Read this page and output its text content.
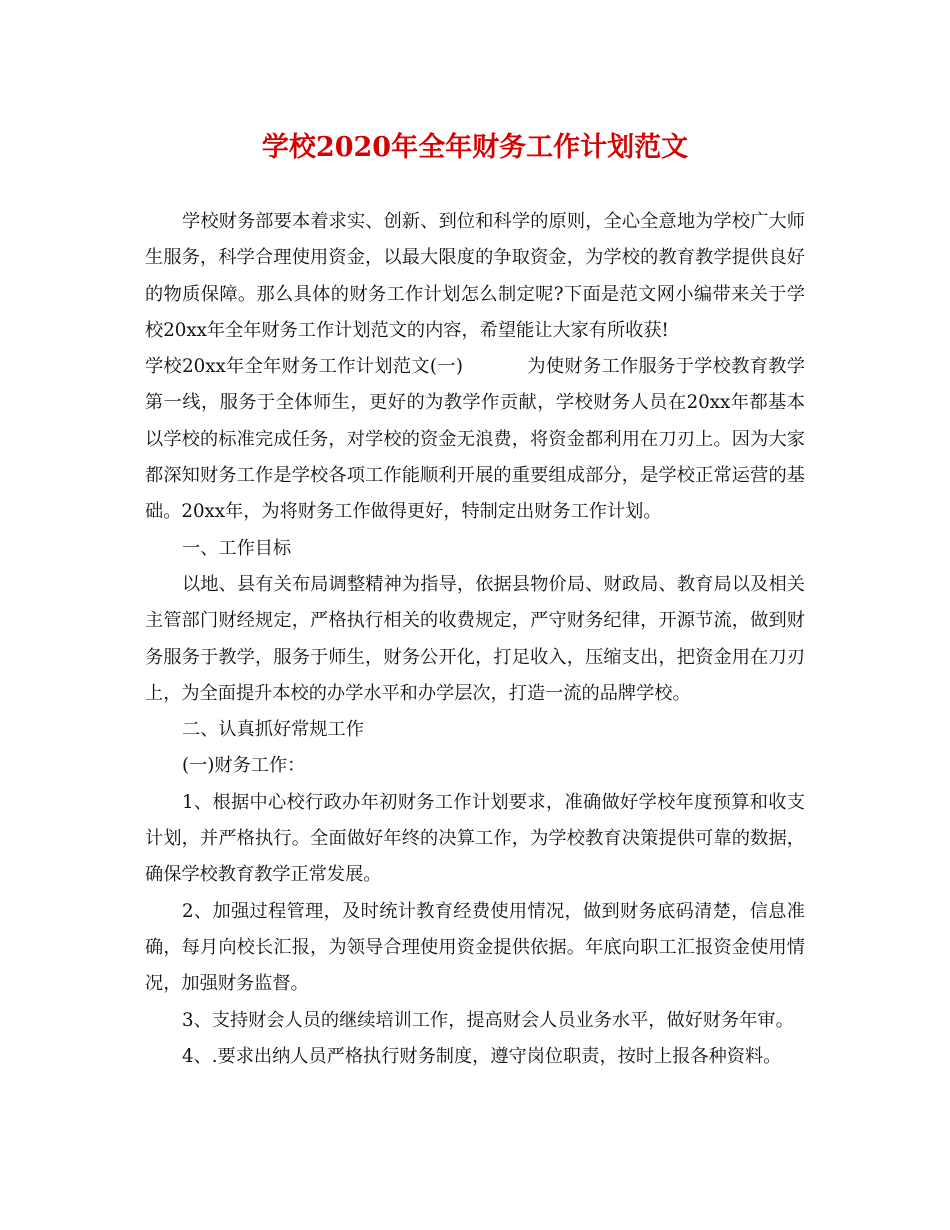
学校2020年全年财务工作计划范文

学校财务部要本着求实、创新、到位和科学的原则，全心全意地为学校广大师生服务，科学合理使用资金，以最大限度的争取资金，为学校的教育教学提供良好的物质保障。那么具体的财务工作计划怎么制定呢?下面是范文网小编带来关于学校20xx年全年财务工作计划范文的内容，希望能让大家有所收获!

学校20xx年全年财务工作计划范文(一)	为使财务工作服务于学校教育教学第一线，服务于全体师生，更好的为教学作贡献，学校财务人员在20xx年都基本以学校的标准完成任务，对学校的资金无浪费，将资金都利用在刀刃上。因为大家都深知财务工作是学校各项工作能顺利开展的重要组成部分，是学校正常运营的基础。20xx年，为将财务工作做得更好，特制定出财务工作计划。

一、工作目标

以地、县有关布局调整精神为指导，依据县物价局、财政局、教育局以及相关主管部门财经规定，严格执行相关的收费规定，严守财务纪律，开源节流，做到财务服务于教学，服务于师生，财务公开化，打足收入，压缩支出，把资金用在刀刃上，为全面提升本校的办学水平和办学层次，打造一流的品牌学校。

二、认真抓好常规工作

(一)财务工作：

1、根据中心校行政办年初财务工作计划要求，准确做好学校年度预算和收支计划，并严格执行。全面做好年终的决算工作，为学校教育决策提供可靠的数据，确保学校教育教学正常发展。

2、加强过程管理，及时统计教育经费使用情况，做到财务底码清楚，信息准确，每月向校长汇报，为领导合理使用资金提供依据。年底向职工汇报资金使用情况，加强财务监督。

3、支持财会人员的继续培训工作，提高财会人员业务水平，做好财务年审。

4、.要求出纳人员严格执行财务制度，遵守岗位职责，按时上报各种资料。
